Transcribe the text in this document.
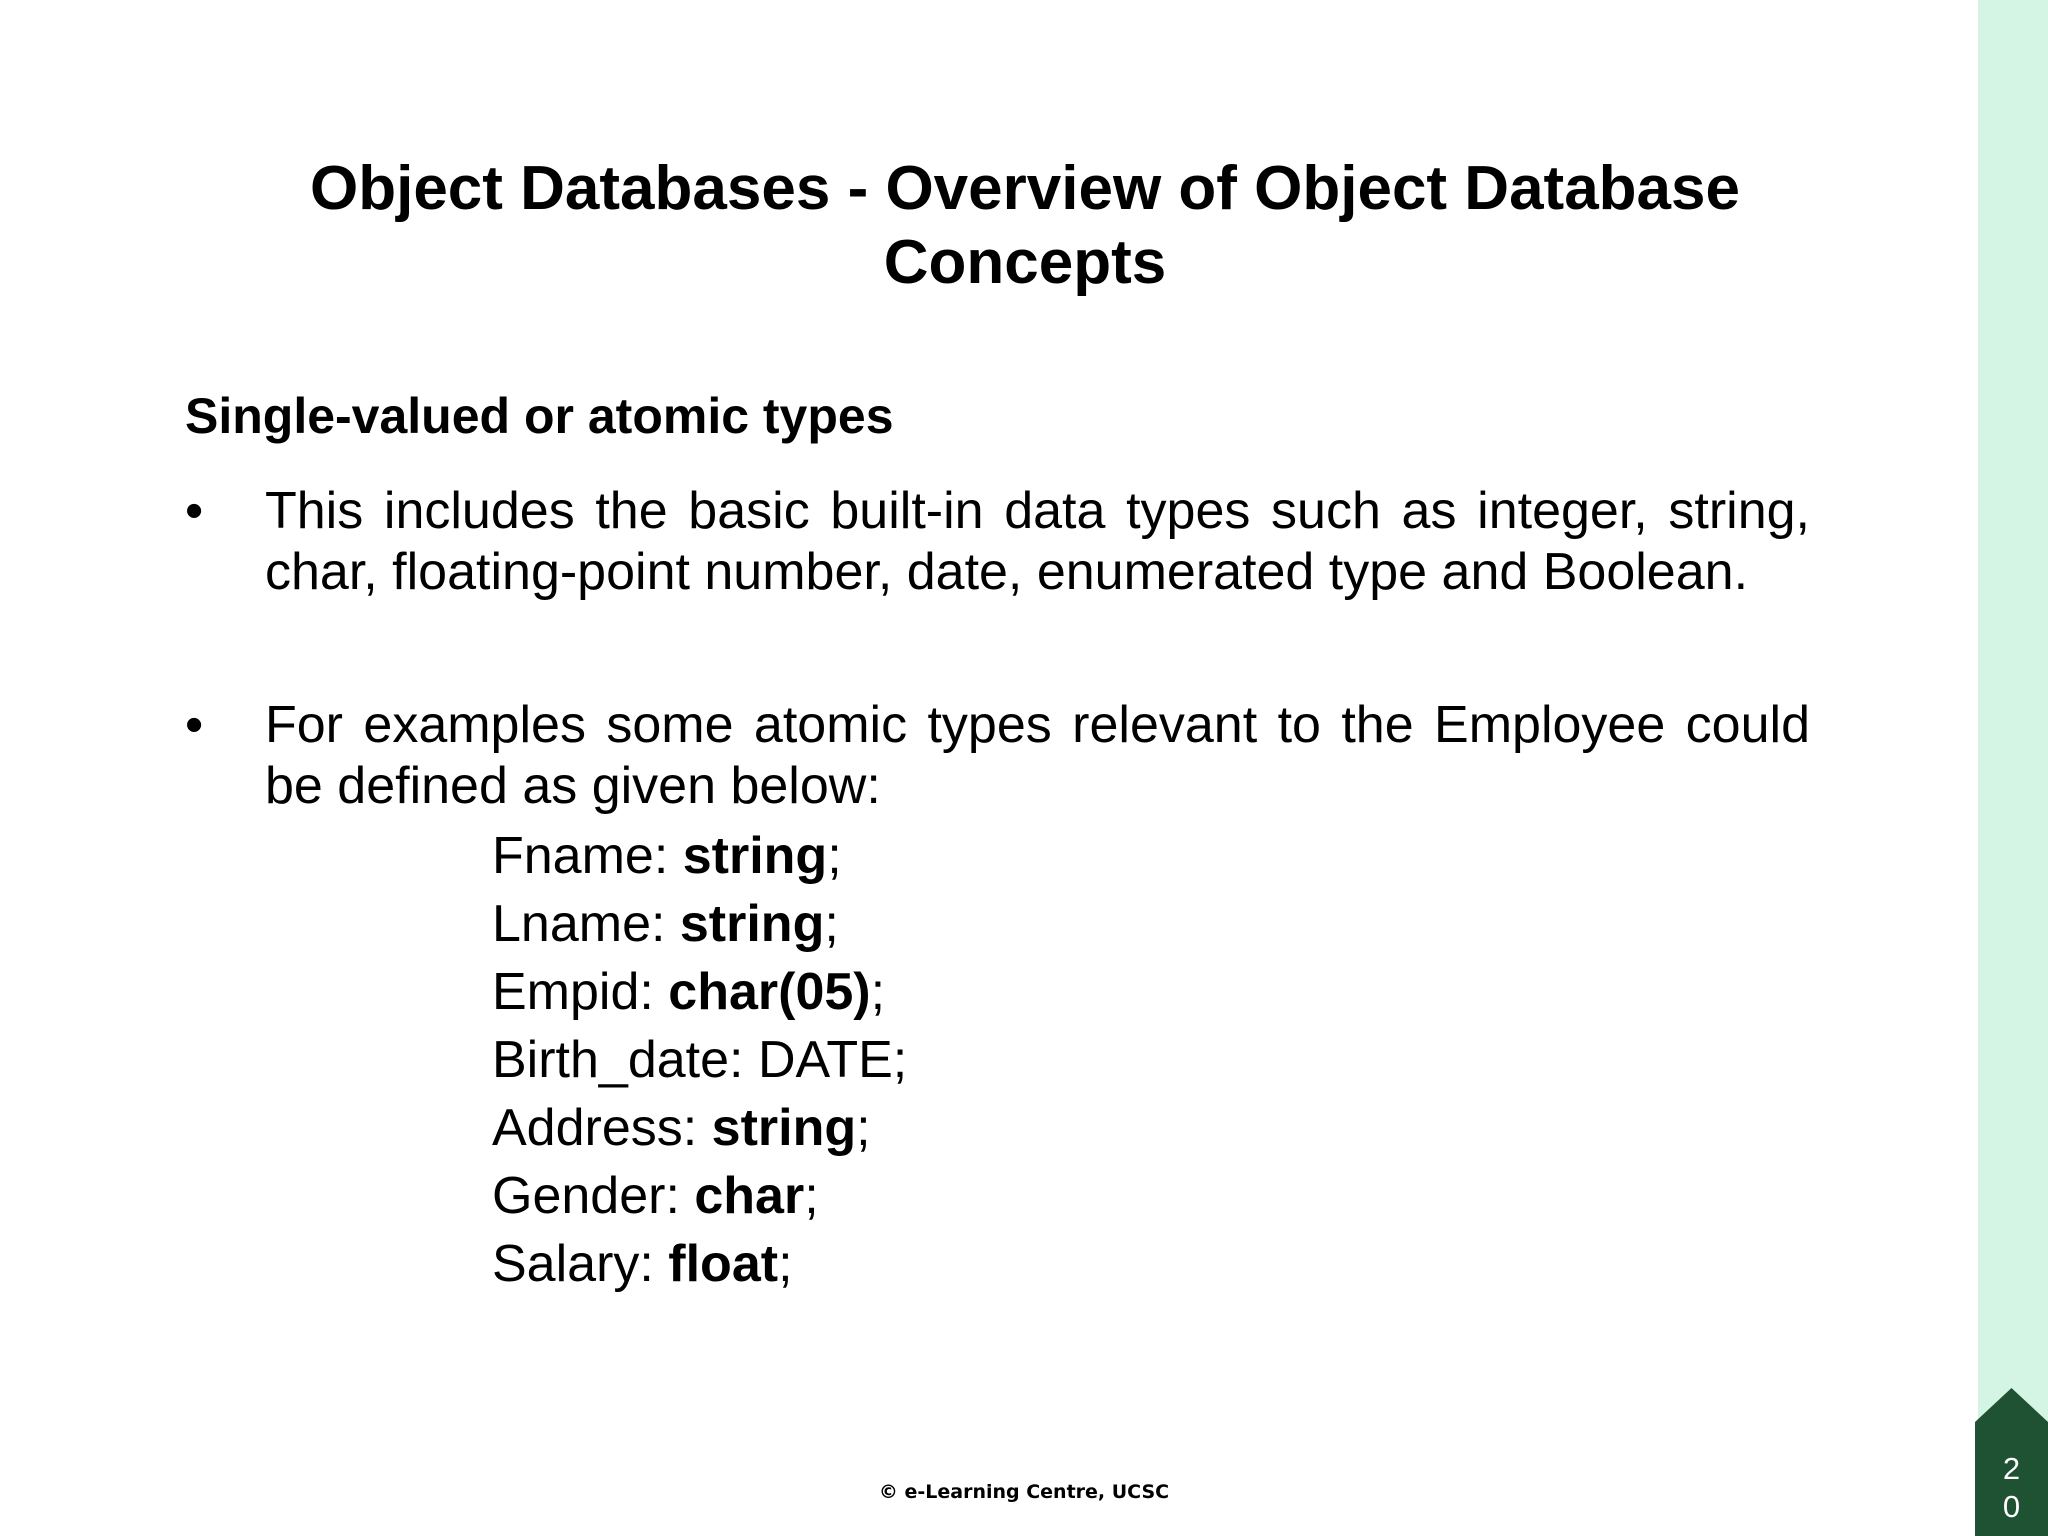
2
0
Object Databases - Overview of Object Database Concepts
Single-valued or atomic types
•	This includes the basic built-in data types such as integer, string, char, floating-point number, date, enumerated type and Boolean.
•	For examples some atomic types relevant to the Employee could be defined as given below:
Fname: string;
Lname: string;
Empid: char(05);
Birth_date: DATE;
Address: string;
Gender: char;
Salary: float;
© e-Learning Centre, UCSC
